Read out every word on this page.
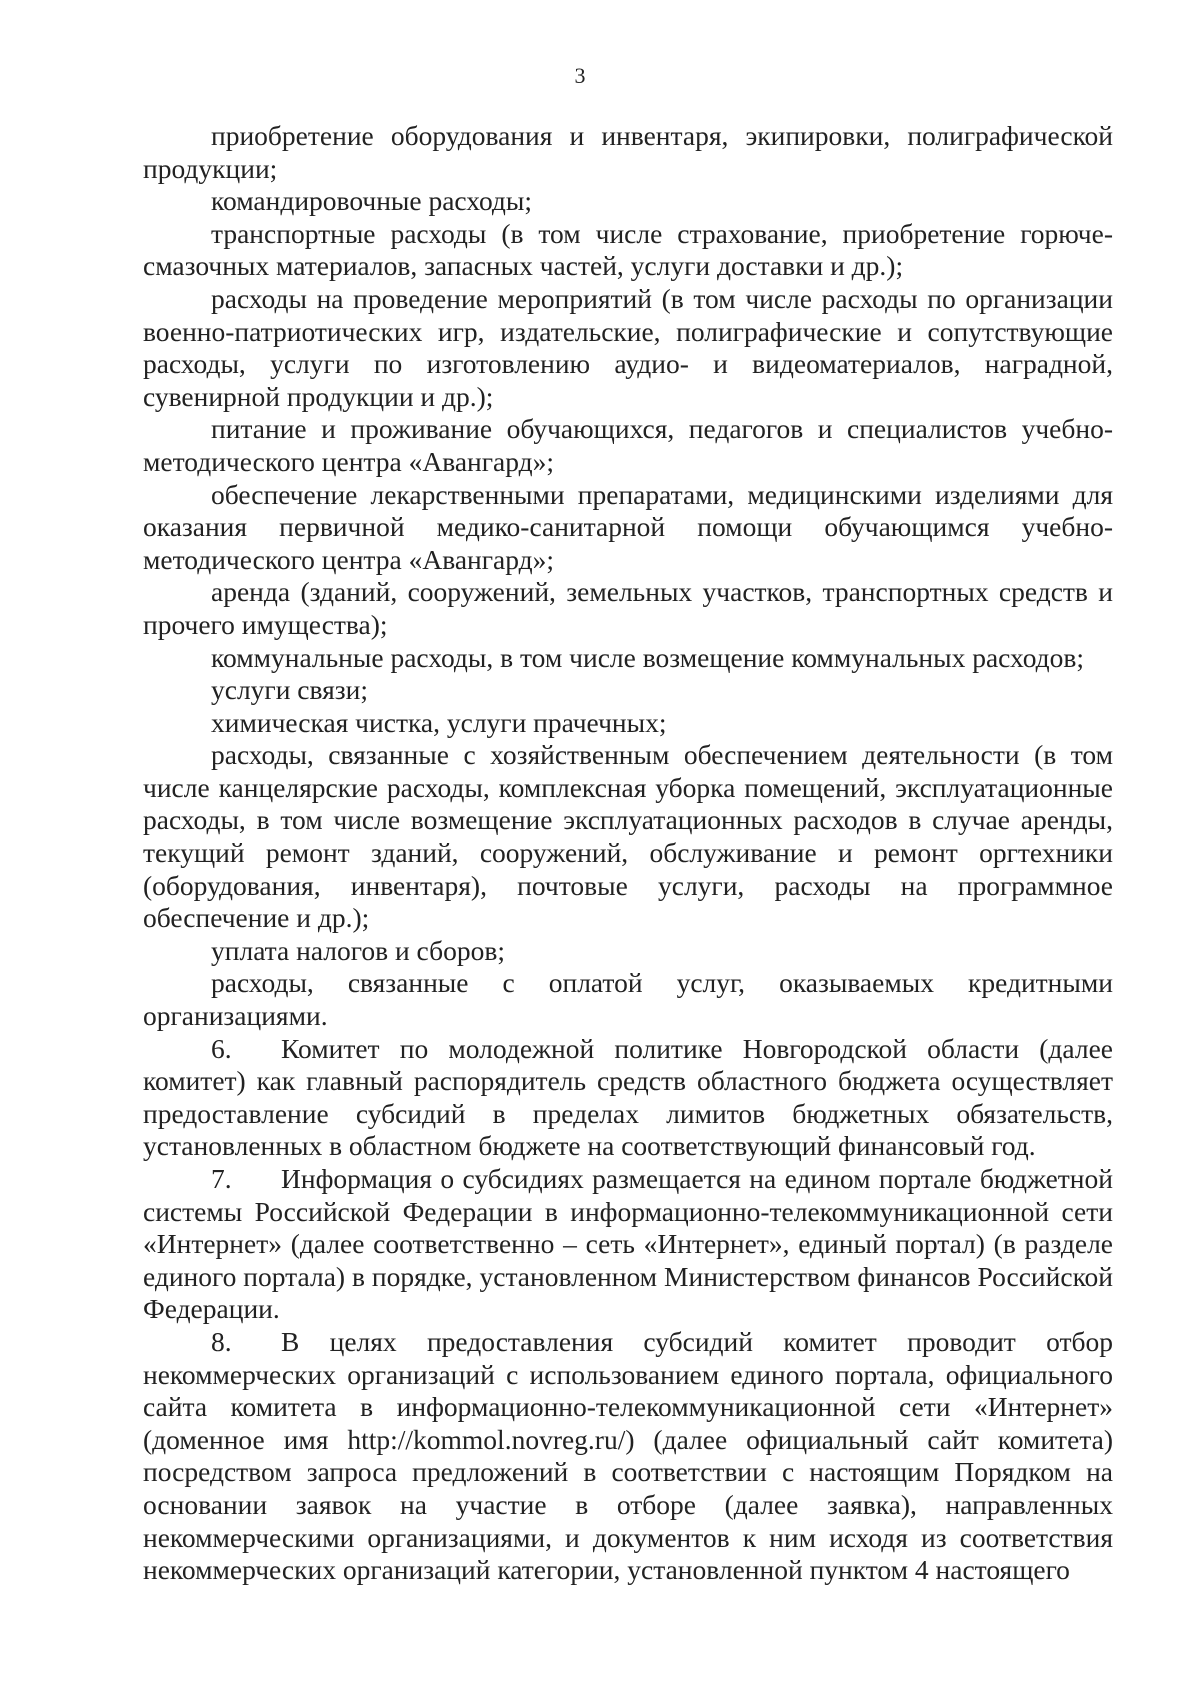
3

приобретение оборудования и инвентаря, экипировки, полиграфической продукции;

командировочные расходы;

транспортные расходы (в том числе страхование, приобретение горюче-смазочных материалов, запасных частей, услуги доставки и др.);

расходы на проведение мероприятий (в том числе расходы по организации военно-патриотических игр, издательские, полиграфические и сопутствующие расходы, услуги по изготовлению аудио- и видеоматериалов, наградной, сувенирной продукции и др.);

питание и проживание обучающихся, педагогов и специалистов учебно-методического центра «Авангард»;

обеспечение лекарственными препаратами, медицинскими изделиями для оказания первичной медико-санитарной помощи обучающимся учебно-методического центра «Авангард»;

аренда (зданий, сооружений, земельных участков, транспортных средств и прочего имущества);

коммунальные расходы, в том числе возмещение коммунальных расходов;

услуги связи;

химическая чистка, услуги прачечных;

расходы, связанные с хозяйственным обеспечением деятельности (в том числе канцелярские расходы, комплексная уборка помещений, эксплуатационные расходы, в том числе возмещение эксплуатационных расходов в случае аренды, текущий ремонт зданий, сооружений, обслуживание и ремонт оргтехники (оборудования, инвентаря), почтовые услуги, расходы на программное обеспечение и др.);

уплата налогов и сборов;

расходы, связанные с оплатой услуг, оказываемых кредитными организациями.

6. Комитет по молодежной политике Новгородской области (далее комитет) как главный распорядитель средств областного бюджета осуществляет предоставление субсидий в пределах лимитов бюджетных обязательств, установленных в областном бюджете на соответствующий финансовый год.

7. Информация о субсидиях размещается на едином портале бюджетной системы Российской Федерации в информационно-телекоммуникационной сети «Интернет» (далее соответственно – сеть «Интернет», единый портал) (в разделе единого портала) в порядке, установленном Министерством финансов Российской Федерации.

8. В целях предоставления субсидий комитет проводит отбор некоммерческих организаций с использованием единого портала, официального сайта комитета в информационно-телекоммуникационной сети «Интернет» (доменное имя http://kommol.novreg.ru/) (далее официальный сайт комитета) посредством запроса предложений в соответствии с настоящим Порядком на основании заявок на участие в отборе (далее заявка), направленных некоммерческими организациями, и документов к ним исходя из соответствия некоммерческих организаций категории, установленной пунктом 4 настоящего
